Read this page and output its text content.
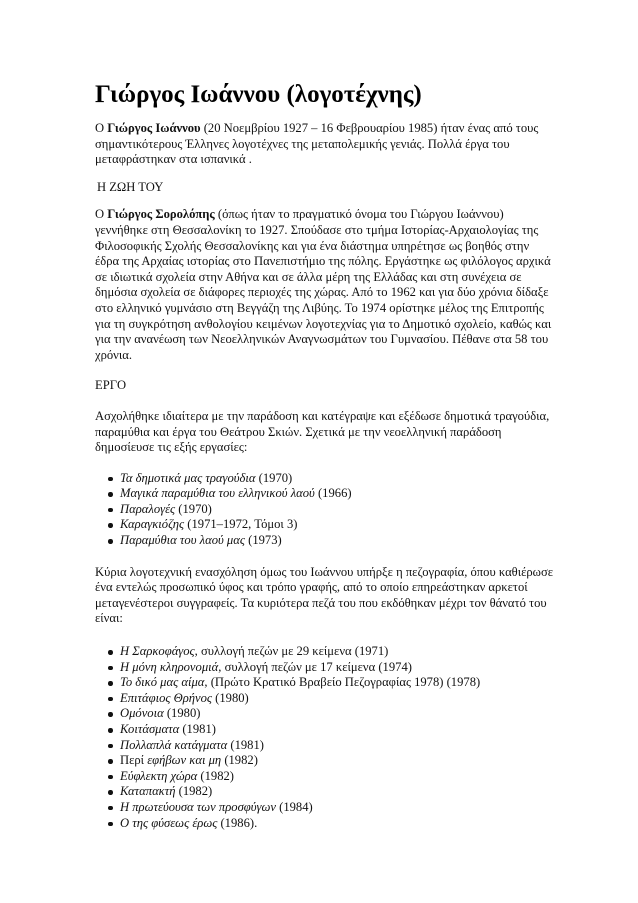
Γιώργος Ιωάννου (λογοτέχνης)

Ο Γιώργος Ιωάννου (20 Νοεμβρίου 1927 – 16 Φεβρουαρίου 1985) ήταν ένας από τους σημαντικότερους Έλληνες λογοτέχνες της μεταπολεμικής γενιάς. Πολλά έργα του μεταφράστηκαν στα ισπανικά .

Η ΖΩΗ ΤΟΥ

Ο Γιώργος Σορολόπης (όπως ήταν το πραγματικό όνομα του Γιώργου Ιωάννου) γεννήθηκε στη Θεσσαλονίκη το 1927. Σπούδασε στο τμήμα Ιστορίας-Αρχαιολογίας της Φιλοσοφικής Σχολής Θεσσαλονίκης και για ένα διάστημα υπηρέτησε ως βοηθός στην έδρα της Αρχαίας ιστορίας στο Πανεπιστήμιο της πόλης. Εργάστηκε ως φιλόλογος αρχικά σε ιδιωτικά σχολεία στην Αθήνα και σε άλλα μέρη της Ελλάδας και στη συνέχεια σε δημόσια σχολεία σε διάφορες περιοχές της χώρας. Από το 1962 και για δύο χρόνια δίδαξε στο ελληνικό γυμνάσιο στη Βεγγάζη της Λιβύης. Το 1974 ορίστηκε μέλος της Επιτροπής για τη συγκρότηση ανθολογίου κειμένων λογοτεχνίας για το Δημοτικό σχολείο, καθώς και για την ανανέωση των Νεοελληνικών Αναγνωσμάτων του Γυμνασίου. Πέθανε στα 58 του χρόνια.

ΕΡΓΟ

Ασχολήθηκε ιδιαίτερα με την παράδοση και κατέγραψε και εξέδωσε δημοτικά τραγούδια, παραμύθια και έργα του Θεάτρου Σκιών. Σχετικά με την νεοελληνική παράδοση δημοσίευσε τις εξής εργασίες:

Τα δημοτικά μας τραγούδια (1970)
Μαγικά παραμύθια του ελληνικού λαού (1966)
Παραλογές (1970)
Καραγκιόζης (1971–1972, Τόμοι 3)
Παραμύθια του λαού μας (1973)

Κύρια λογοτεχνική ενασχόληση όμως του Ιωάννου υπήρξε η πεζογραφία, όπου καθιέρωσε ένα εντελώς προσωπικό ύφος και τρόπο γραφής, από το οποίο επηρεάστηκαν αρκετοί μεταγενέστεροι συγγραφείς. Τα κυριότερα πεζά του που εκδόθηκαν μέχρι τον θάνατό του είναι:

Η Σαρκοφάγος, συλλογή πεζών με 29 κείμενα (1971)
Η μόνη κληρονομιά, συλλογή πεζών με 17 κείμενα (1974)
Το δικό μας αίμα, (Πρώτο Κρατικό Βραβείο Πεζογραφίας 1978) (1978)
Επιτάφιος Θρήνος (1980)
Ομόνοια (1980)
Κοιτάσματα (1981)
Πολλαπλά κατάγματα (1981)
Περί εφήβων και μη (1982)
Εύφλεκτη χώρα (1982)
Καταπακτή (1982)
Η πρωτεύουσα των προσφύγων (1984)
Ο της φύσεως έρως (1986).
